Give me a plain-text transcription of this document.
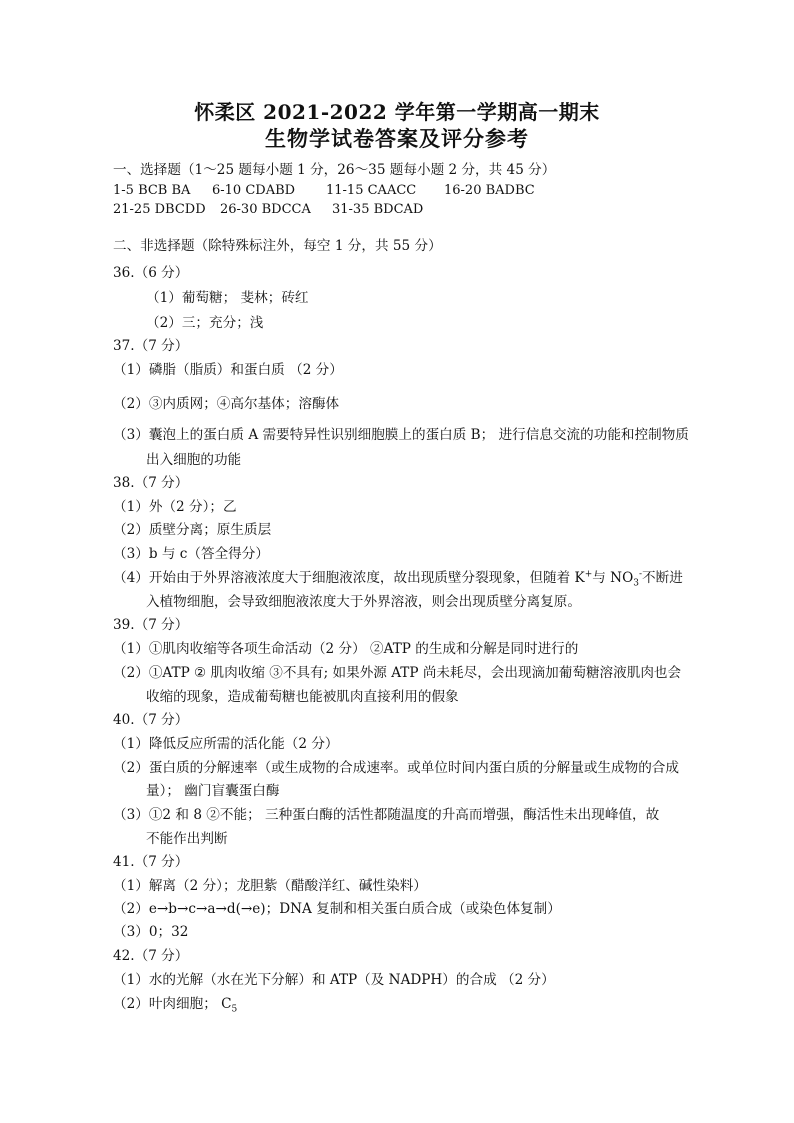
怀柔区 2021-2022 学年第一学期高一期末
生物学试卷答案及评分参考
一、选择题（1～25 题每小题 1 分，26～35 题每小题 2 分，共 45 分）
1-5 BCB BA 6-10 CDABD 11-15 CAACC 16-20 BADBC
21-25 DBCDD 26-30 BDCCA 31-35 BDCAD
二、非选择题（除特殊标注外，每空 1 分，共 55 分）
36.（6 分）
（1）葡萄糖； 斐林；砖红
（2）三；充分；浅
37.（7 分）
（1）磷脂（脂质）和蛋白质 （2 分）
（2）③内质网；④高尔基体；溶酶体
（3）囊泡上的蛋白质 A 需要特异性识别细胞膜上的蛋白质 B； 进行信息交流的功能和控制物质
出入细胞的功能
38.（7 分）
（1）外（2 分）；乙
（2）质壁分离；原生质层
（3）b 与 c（答全得分）
（4）开始由于外界溶液浓度大于细胞液浓度，故出现质壁分裂现象，但随着 K+与 $NO_3^-$不断进
入植物细胞，会导致细胞液浓度大于外界溶液，则会出现质壁分离复原。
39.（7 分）
（1）①肌肉收缩等各项生命活动（2 分） ②ATP 的生成和分解是同时进行的
（2）①ATP ② 肌肉收缩 ③不具有; 如果外源 ATP 尚未耗尽，会出现滴加葡萄糖溶液肌肉也会
收缩的现象，造成葡萄糖也能被肌肉直接利用的假象
40.（7 分）
（1）降低反应所需的活化能（2 分）
（2）蛋白质的分解速率（或生成物的合成速率。或单位时间内蛋白质的分解量或生成物的合成
量）； 幽门盲囊蛋白酶
（3）①2 和 8 ②不能； 三种蛋白酶的活性都随温度的升高而增强，酶活性未出现峰值，故
不能作出判断
41.（7 分）
（1）解离（2 分）；龙胆紫（醋酸洋红、碱性染料）
（2）e→b→c→a→d(→e)；DNA 复制和相关蛋白质合成（或染色体复制）
（3）0；32
42.（7 分）
（1）水的光解（水在光下分解）和 ATP（及 NADPH）的合成 （2 分）
（2）叶肉细胞； $C_5$
